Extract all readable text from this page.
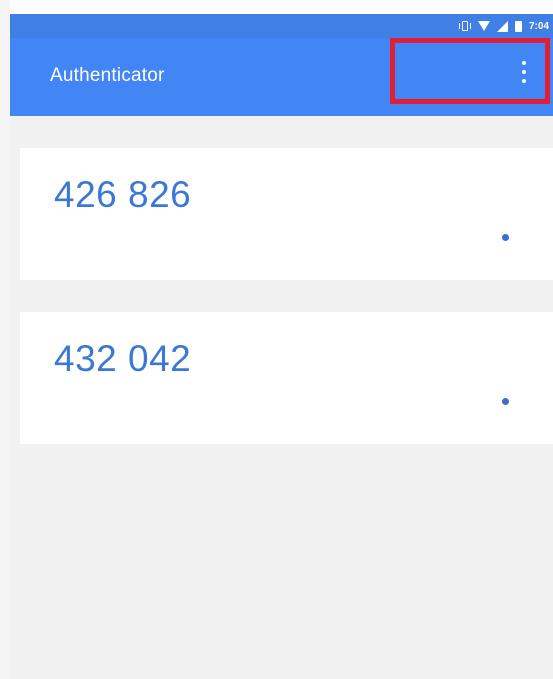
7:04
Authenticator
426 826
432 042
